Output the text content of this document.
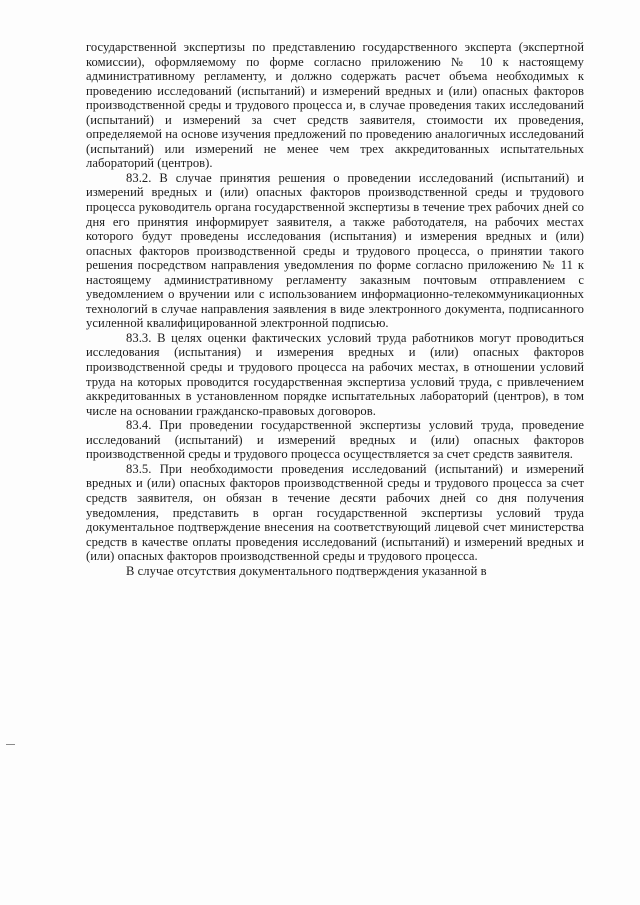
государственной экспертизы по представлению государственного эксперта (экспертной комиссии), оформляемому по форме согласно приложению № 10 к настоящему административному регламенту, и должно содержать расчет объема необходимых к проведению исследований (испытаний) и измерений вредных и (или) опасных факторов производственной среды и трудового процесса и, в случае проведения таких исследований (испытаний) и измерений за счет средств заявителя, стоимости их проведения, определяемой на основе изучения предложений по проведению аналогичных исследований (испытаний) или измерений не менее чем трех аккредитованных испытательных лабораторий (центров).

83.2. В случае принятия решения о проведении исследований (испытаний) и измерений вредных и (или) опасных факторов производственной среды и трудового процесса руководитель органа государственной экспертизы в течение трех рабочих дней со дня его принятия информирует заявителя, а также работодателя, на рабочих местах которого будут проведены исследования (испытания) и измерения вредных и (или) опасных факторов производственной среды и трудового процесса, о принятии такого решения посредством направления уведомления по форме согласно приложению № 11 к настоящему административному регламенту заказным почтовым отправлением с уведомлением о вручении или с использованием информационно-телекоммуникационных технологий в случае направления заявления в виде электронного документа, подписанного усиленной квалифицированной электронной подписью.

83.3. В целях оценки фактических условий труда работников могут проводиться исследования (испытания) и измерения вредных и (или) опасных факторов производственной среды и трудового процесса на рабочих местах, в отношении условий труда на которых проводится государственная экспертиза условий труда, с привлечением аккредитованных в установленном порядке испытательных лабораторий (центров), в том числе на основании гражданско-правовых договоров.

83.4. При проведении государственной экспертизы условий труда, проведение исследований (испытаний) и измерений вредных и (или) опасных факторов производственной среды и трудового процесса осуществляется за счет средств заявителя.

83.5. При необходимости проведения исследований (испытаний) и измерений вредных и (или) опасных факторов производственной среды и трудового процесса за счет средств заявителя, он обязан в течение десяти рабочих дней со дня получения уведомления, представить в орган государственной экспертизы условий труда документальное подтверждение внесения на соответствующий лицевой счет министерства средств в качестве оплаты проведения исследований (испытаний) и измерений вредных и (или) опасных факторов производственной среды и трудового процесса.

В случае отсутствия документального подтверждения указанной в
